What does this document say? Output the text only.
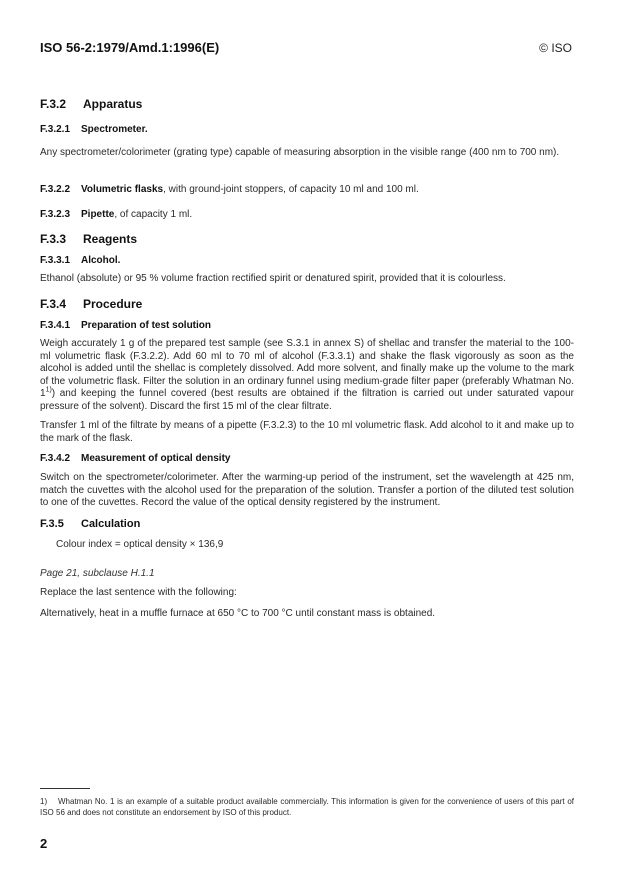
ISO 56-2:1979/Amd.1:1996(E)	© ISO
F.3.2 Apparatus
F.3.2.1 Spectrometer.
Any spectrometer/colorimeter (grating type) capable of measuring absorption in the visible range (400 nm to 700 nm).
F.3.2.2 Volumetric flasks, with ground-joint stoppers, of capacity 10 ml and 100 ml.
F.3.2.3 Pipette, of capacity 1 ml.
F.3.3 Reagents
F.3.3.1 Alcohol.
Ethanol (absolute) or 95 % volume fraction rectified spirit or denatured spirit, provided that it is colourless.
F.3.4 Procedure
F.3.4.1 Preparation of test solution
Weigh accurately 1 g of the prepared test sample (see S.3.1 in annex S) of shellac and transfer the material to the 100-ml volumetric flask (F.3.2.2). Add 60 ml to 70 ml of alcohol (F.3.3.1) and shake the flask vigorously as soon as the alcohol is added until the shellac is completely dissolved. Add more solvent, and finally make up the volume to the mark of the volumetric flask. Filter the solution in an ordinary funnel using medium-grade filter paper (preferably Whatman No. 1$^{1)}$) and keeping the funnel covered (best results are obtained if the filtration is carried out under saturated vapour pressure of the solvent). Discard the first 15 ml of the clear filtrate.
Transfer 1 ml of the filtrate by means of a pipette (F.3.2.3) to the 10 ml volumetric flask. Add alcohol to it and make up to the mark of the flask.
F.3.4.2 Measurement of optical density
Switch on the spectrometer/colorimeter. After the warming-up period of the instrument, set the wavelength at 425 nm, match the cuvettes with the alcohol used for the preparation of the solution. Transfer a portion of the diluted test solution to one of the cuvettes. Record the value of the optical density registered by the instrument.
F.3.5 Calculation
Colour index = optical density × 136,9
Page 21, subclause H.1.1
Replace the last sentence with the following:
Alternatively, heat in a muffle furnace at 650 °C to 700 °C until constant mass is obtained.
1) Whatman No. 1 is an example of a suitable product available commercially. This information is given for the convenience of users of this part of ISO 56 and does not constitute an endorsement by ISO of this product.
2
